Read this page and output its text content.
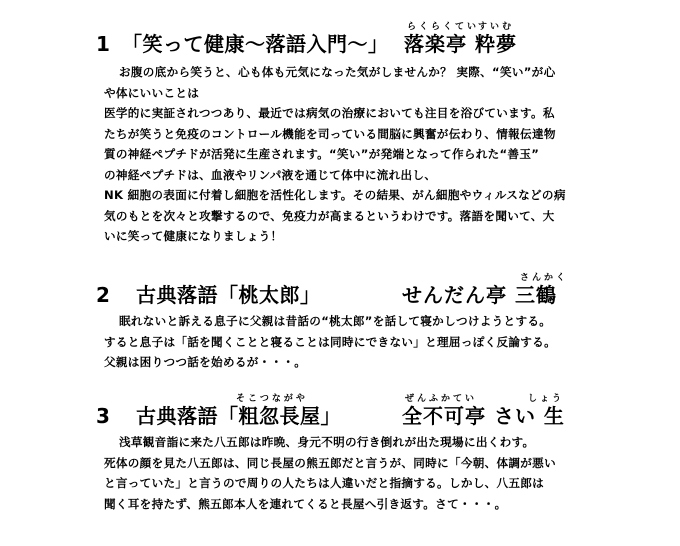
1 「笑って健康～落語入門～」
らくらくてい
すいむ
落楽亭 粋夢

お腹の底から笑うと、心も体も元気になった気がしませんか？ 実際、“笑い”が心

や体にいいことは

医学的に実証されつつあり、最近では病気の治療においても注目を浴びています。私

たちが笑うと免疫のコントロール機能を司っている間脳に興奮が伝わり、情報伝達物

質の神経ペプチドが活発に生産されます。“笑い”が発端となって作られた“善玉”

の神経ペプチドは、血液やリンパ液を通じて体中に流れ出し、

NK 細胞の表面に付着し細胞を活性化します。その結果、がん細胞やウィルスなどの病

気のもとを次々と攻撃するので、免疫力が高まるというわけです。落語を聞いて、大

いに笑って健康になりましょう！

2 古典落語「桃太郎」
さんかく
せんだん亭 三鶴

眠れないと訴える息子に父親は昔話の“桃太郎”を話して寝かしつけようとする。

すると息子は「話を聞くことと寝ることは同時にできない」と理屈っぽく反論する。

父親は困りつつ話を始めるが・・・。

3 古典落語「粗忽長屋」
そこつながや	ぜんふかてい	しょう
全不可亭 さい 生

浅草観音詣に来た八五郎は昨晩、身元不明の行き倒れが出た現場に出くわす。

死体の顔を見た八五郎は、同じ長屋の熊五郎だと言うが、同時に「今朝、体調が悪い

と言っていた」と言うので周りの人たちは人違いだと指摘する。しかし、八五郎は

聞く耳を持たず、熊五郎本人を連れてくると長屋へ引き返す。さて・・・。
